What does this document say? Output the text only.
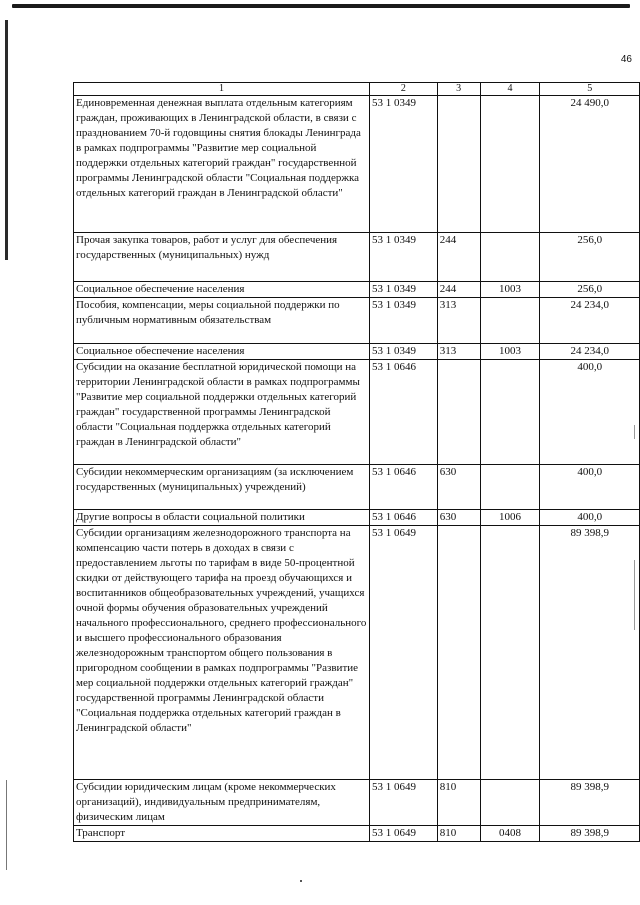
46
1	2	3	4	5
Единовременная денежная выплата отдельным категориям граждан, проживающих в Ленинградской области, в связи с празднованием 70-й годовщины снятия блокады Ленинграда в рамках подпрограммы "Развитие мер социальной поддержки отдельных категорий граждан" государственной программы Ленинградской области "Социальная поддержка отдельных категорий граждан в Ленинградской области"	53 1 0349			24 490,0
Прочая закупка товаров, работ и услуг для обеспечения государственных (муниципальных) нужд	53 1 0349	244		256,0
Социальное обеспечение населения	53 1 0349	244	1003	256,0
Пособия, компенсации, меры социальной поддержки по публичным нормативным обязательствам	53 1 0349	313		24 234,0
Социальное обеспечение населения	53 1 0349	313	1003	24 234,0
Субсидии на оказание бесплатной юридической помощи на территории Ленинградской области в рамках подпрограммы "Развитие мер социальной поддержки отдельных категорий граждан" государственной программы Ленинградской области "Социальная поддержка отдельных категорий граждан в Ленинградской области"	53 1 0646			400,0
Субсидии некоммерческим организациям (за исключением государственных (муниципальных) учреждений)	53 1 0646	630		400,0
Другие вопросы в области социальной политики	53 1 0646	630	1006	400,0
Субсидии организациям железнодорожного транспорта на компенсацию части потерь в доходах в связи с предоставлением льготы по тарифам в виде 50-процентной скидки от действующего тарифа на проезд обучающихся и воспитанников общеобразовательных учреждений, учащихся очной формы обучения образовательных учреждений начального профессионального, среднего профессионального и высшего профессионального образования железнодорожным транспортом общего пользования в пригородном сообщении в рамках подпрограммы "Развитие мер социальной поддержки отдельных категорий граждан" государственной программы Ленинградской области "Социальная поддержка отдельных категорий граждан в Ленинградской области"	53 1 0649			89 398,9
Субсидии юридическим лицам (кроме некоммерческих организаций), индивидуальным предпринимателям, физическим лицам	53 1 0649	810		89 398,9
Транспорт	53 1 0649	810	0408	89 398,9
